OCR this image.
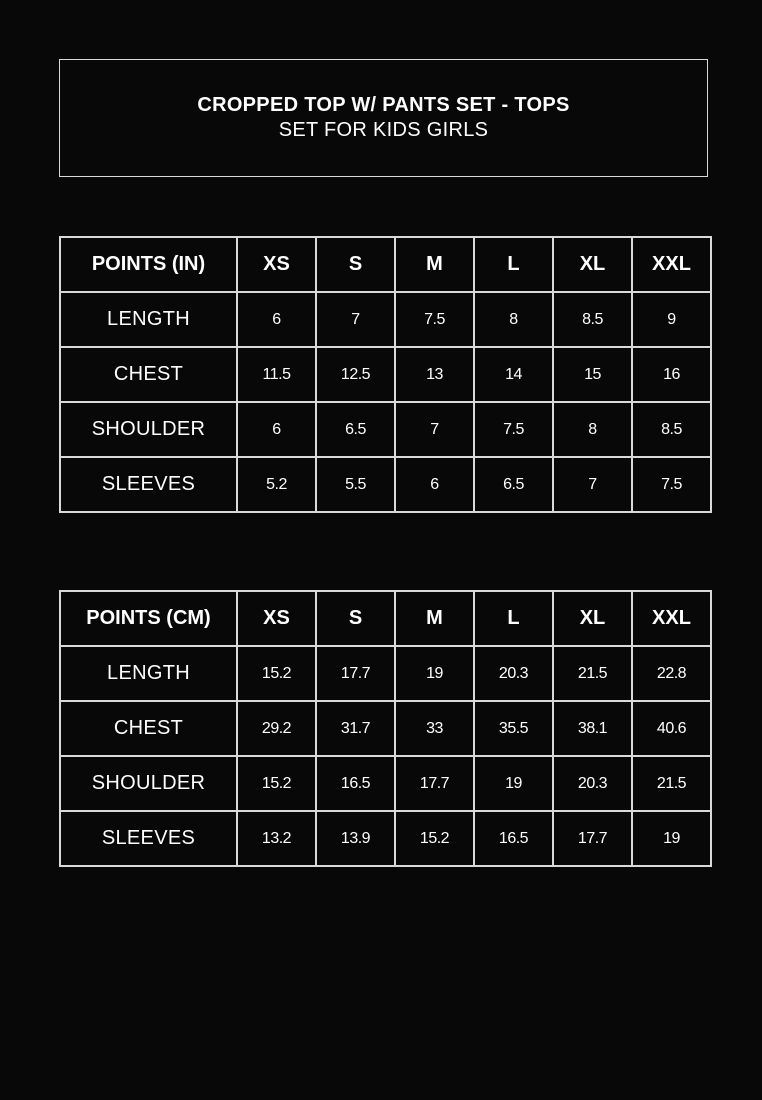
CROPPED TOP W/ PANTS SET - TOPS
SET FOR KIDS GIRLS
POINTS (IN)	XS	S	M	L	XL	XXL
LENGTH	6	7	7.5	8	8.5	9
CHEST	11.5	12.5	13	14	15	16
SHOULDER	6	6.5	7	7.5	8	8.5
SLEEVES	5.2	5.5	6	6.5	7	7.5
POINTS (CM)	XS	S	M	L	XL	XXL
LENGTH	15.2	17.7	19	20.3	21.5	22.8
CHEST	29.2	31.7	33	35.5	38.1	40.6
SHOULDER	15.2	16.5	17.7	19	20.3	21.5
SLEEVES	13.2	13.9	15.2	16.5	17.7	19
